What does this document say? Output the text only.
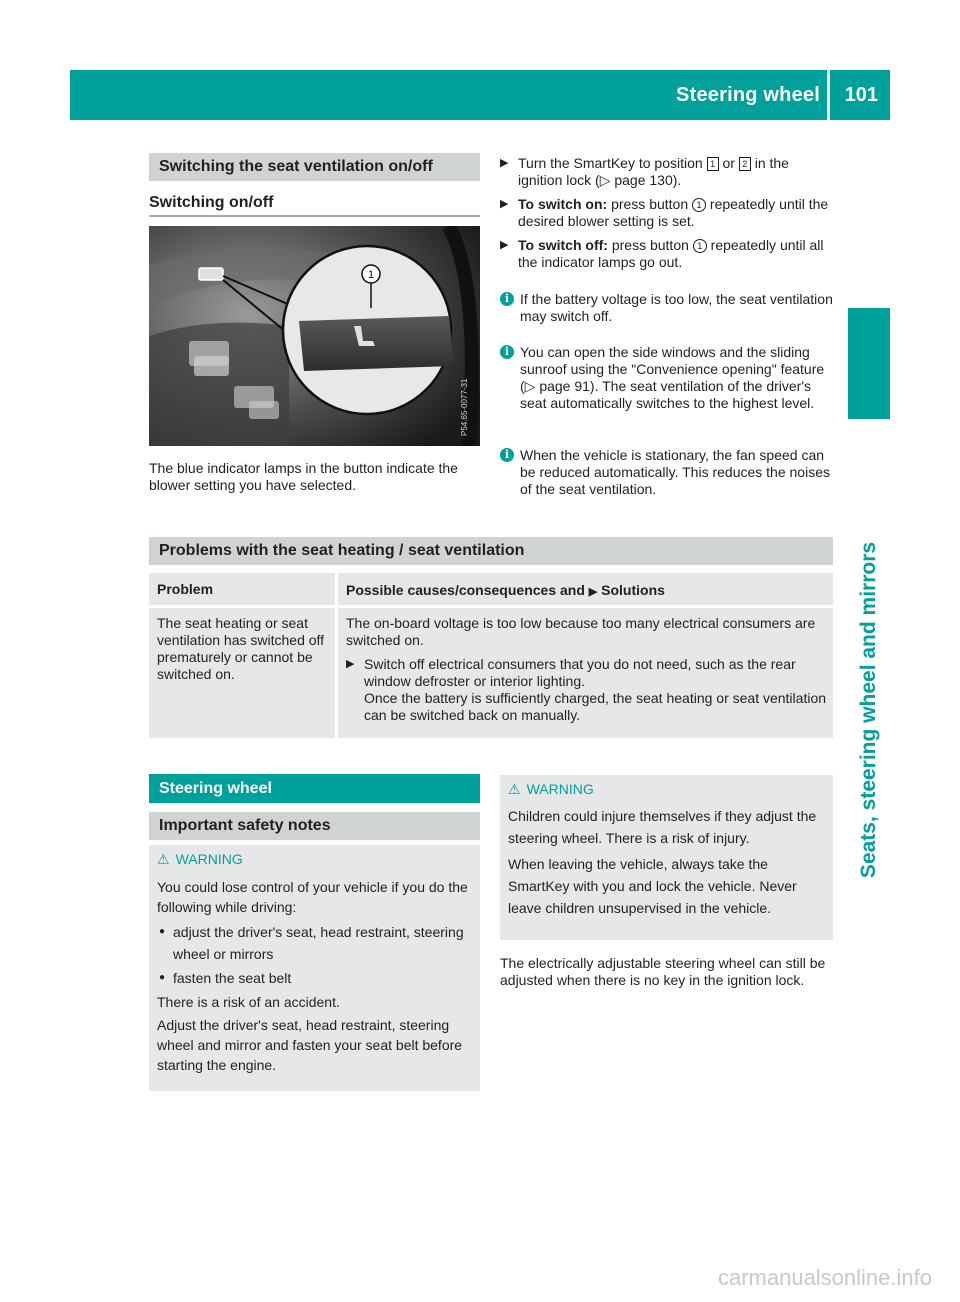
Steering wheel 101
Seats, steering wheel and mirrors
Switching the seat ventilation on/off
Switching on/off
1
P54.65-0077-31

The blue indicator lamps in the button indicate the blower setting you have selected.

▶ Turn the SmartKey to position 1 or 2 in the ignition lock (▷ page 130).
▶ To switch on: press button 1 repeatedly until the desired blower setting is set.
▶ To switch off: press button 1 repeatedly until all the indicator lamps go out.
i If the battery voltage is too low, the seat ventilation may switch off.
i You can open the side windows and the sliding sunroof using the "Convenience opening" feature (▷ page 91). The seat ventilation of the driver's seat automatically switches to the highest level.
i When the vehicle is stationary, the fan speed can be reduced automatically. This reduces the noises of the seat ventilation.
Problems with the seat heating / seat ventilation
Problem	Possible causes/consequences and ▶ Solutions

The seat heating or seat ventilation has switched off prematurely or cannot be switched on.

The on-board voltage is too low because too many electrical consumers are switched on.

▶ Switch off electrical consumers that you do not need, such as the rear window defroster or interior lighting.
Once the battery is sufficiently charged, the seat heating or seat ventilation can be switched back on manually.
Steering wheel
Important safety notes
⚠ WARNING
You could lose control of your vehicle if you do the following while driving:
● adjust the driver's seat, head restraint, steering wheel or mirrors
● fasten the seat belt
There is a risk of an accident.
Adjust the driver's seat, head restraint, steering wheel and mirror and fasten your seat belt before starting the engine.
⚠ WARNING
Children could injure themselves if they adjust the steering wheel. There is a risk of injury.
When leaving the vehicle, always take the SmartKey with you and lock the vehicle. Never leave children unsupervised in the vehicle.

The electrically adjustable steering wheel can still be adjusted when there is no key in the ignition lock.

carmanualsonline.info
